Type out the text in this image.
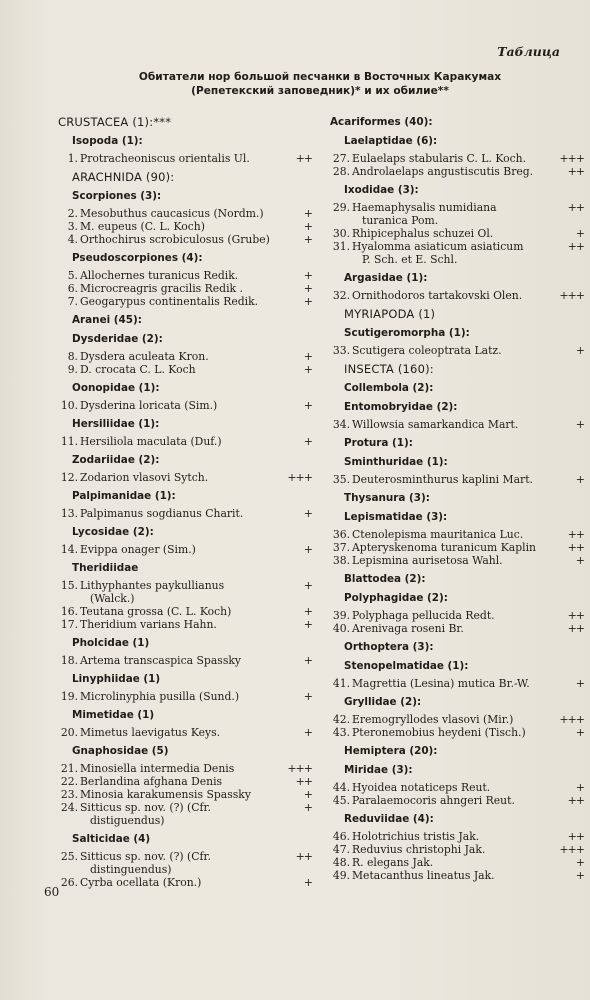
Таблица
Обитатели нор большой песчанки в Восточных Каракумах
(Репетекский заповедник)* и их обилие**
CRUSTACEA (1):***
Isopoda (1):
1. Protracheoniscus orientalis Ul.	++
ARACHNIDA (90):
Scorpiones (3):
2. Mesobuthus caucasicus (Nordm.)	+
3. M. eupeus (C. L. Koch)	+
4. Orthochirus scrobiculosus (Grube)	+
Pseudoscorpiones (4):
5. Allochernes turanicus Redik.	+
6. Microcreagris gracilis Redik .	+
7. Geogarypus continentalis Redik.	+
Aranei (45):
Dysderidae (2):
8. Dysdera aculeata Kron.	+
9. D. crocata C. L. Koch	+
Oonopidae (1):
10. Dysderina loricata (Sim.)	+
Hersiliidae (1):
11. Hersiliola maculata (Duf.)	+
Zodariidae (2):
12. Zodarion vlasovi Sytch.	+++
Palpimanidae (1):
13. Palpimanus sogdianus Charit.	+
Lycosidae (2):
14. Evippa onager (Sim.)	+
Theridiidae
15. Lithyphantes paykullianus
(Walck.)
+
16. Teutana grossa (C. L. Koch)	+
17. Theridium varians Hahn.	+
Pholcidae (1)
18. Artema transcaspica Spassky	+
Linyphiidae (1)
19. Microlinyphia pusilla (Sund.)	+
Mimetidae (1)
20. Mimetus laevigatus Keys.	+
Gnaphosidae (5)
21. Minosiella intermedia Denis	+++
22. Berlandina afghana Denis	++
23. Minosia karakumensis Spassky	+
24. Sitticus sp. nov. (?) (Cfr.
distiguendus)
+
Salticidae (4)
25. Sitticus sp. nov. (?) (Cfr.
distinguendus)
++
26. Cyrba ocellata (Kron.)	+
Acariformes (40):
Laelaptidae (6):
27. Eulaelaps stabularis C. L. Koch.	+++
28. Androlaelaps angustiscutis Breg.	++
Ixodidae (3):
29. Haemaphysalis numidiana
turanica Pom.
++
30. Rhipicephalus schuzei Ol.	+
31. Hyalomma asiaticum asiaticum
P. Sch. et E. Schl.
++
Argasidae (1):
32. Ornithodoros tartakovski Olen.	+++
MYRIAPODA (1)
Scutigeromorpha (1):
33. Scutigera coleoptrata Latz.	+
INSECTA (160):
Collembola (2):
Entomobryidae (2):
34. Willowsia samarkandica Mart.	+
Protura (1):
Sminthuridae (1):
35. Deuterosminthurus kaplini Mart.	+
Thysanura (3):
Lepismatidae (3):
36. Ctenolepisma mauritanica Luc.	++
37. Apteryskenoma turanicum Kaplin	++
38. Lepismina aurisetosa Wahl.	+
Blattodea (2):
Polyphagidae (2):
39. Polyphaga pellucida Redt.	++
40. Arenivaga roseni Br.	++
Orthoptera (3):
Stenopelmatidae (1):
41. Magrettia (Lesina) mutica Br.-W.	+
Gryllidae (2):
42. Eremogryllodes vlasovi (Mir.)	+++
43. Pteronemobius heydeni (Tisch.)	+
Hemiptera (20):
Miridae (3):
44. Hyoidea notaticeps Reut.	+
45. Paralaemocoris ahngeri Reut.	++
Reduviidae (4):
46. Holotrichius tristis Jak.	++
47. Reduvius christophi Jak.	+++
48. R. elegans Jak.	+
49. Metacanthus lineatus Jak.	+
60
